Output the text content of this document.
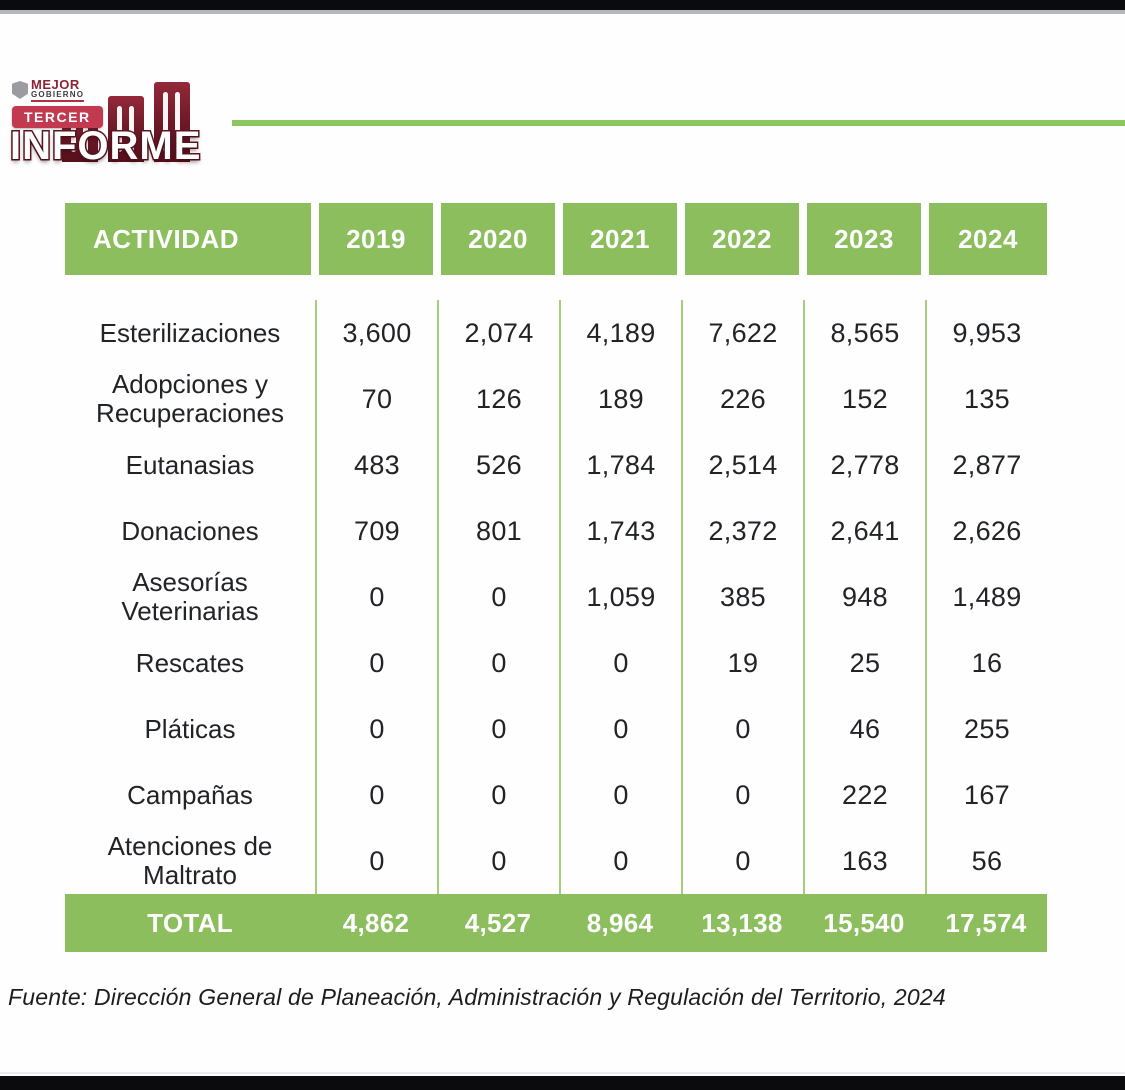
MEJOR
GOBIERNO
TERCER
INFORME
ACTIVIDAD	2019	2020	2021	2022	2023	2024
Esterilizaciones	3,600	2,074	4,189	7,622	8,565	9,953
Adopciones y Recuperaciones	70	126	189	226	152	135
Eutanasias	483	526	1,784	2,514	2,778	2,877
Donaciones	709	801	1,743	2,372	2,641	2,626
Asesorías Veterinarias	0	0	1,059	385	948	1,489
Rescates	0	0	0	19	25	16
Pláticas	0	0	0	0	46	255
Campañas	0	0	0	0	222	167
Atenciones de Maltrato	0	0	0	0	163	56
TOTAL	4,862	4,527	8,964	13,138	15,540	17,574
Fuente: Dirección General de Planeación, Administración y Regulación del Territorio, 2024
